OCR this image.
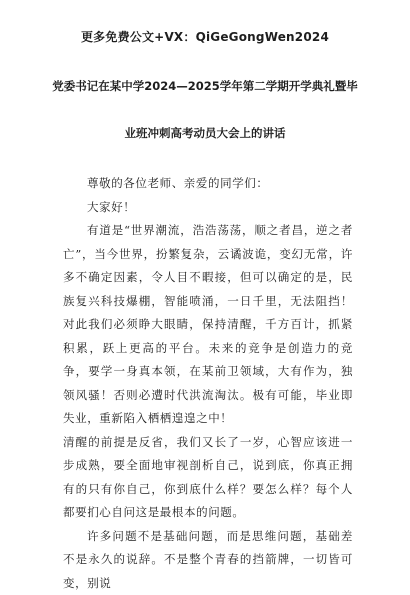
更多免费公文+VX：QiGeGongWen2024
党委书记在某中学2024—2025学年第二学期开学典礼暨毕
业班冲刺高考动员大会上的讲话

尊敬的各位老师、亲爱的同学们：

大家好！

有道是“世界潮流，浩浩荡荡，顺之者昌，逆之者亡”，当今世界，扮繁复杂，云谲波诡，变幻无常，许多不确定因素，令人目不暇接，但可以确定的是，民族复兴科技爆棚，智能喷涌，一日千里，无法阻挡！对此我们必须睁大眼睛，保持清醒，千方百计，抓紧积累，跃上更高的平台。未来的竞争是创造力的竞争，要学一身真本领，在某前卫领域，大有作为，独领风骚！否则必遭时代洪流淘汰。极有可能，毕业即失业，重新陷入栖栖遑遑之中！

清醒的前提是反省，我们又长了一岁，心智应该进一步成熟，要全面地审视剖析自己，说到底，你真正拥有的只有你自己，你到底什么样？要怎么样？每个人都要扪心自问这是最根本的问题。

许多问题不是基础问题，而是思维问题，基础差不是永久的说辞。不是整个青春的挡箭牌，一切皆可变，别说
